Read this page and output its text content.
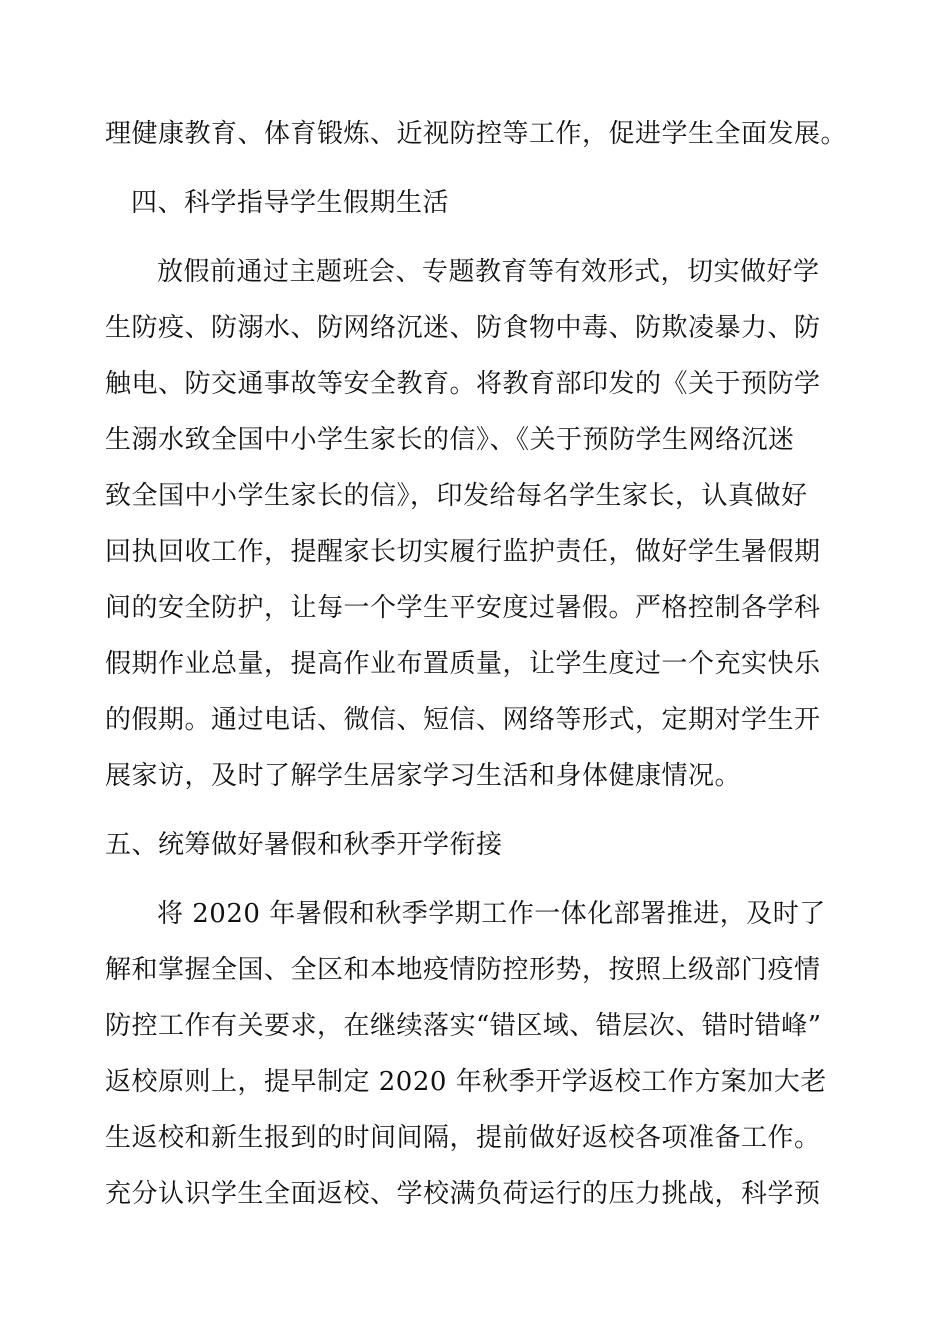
理健康教育、体育锻炼、近视防控等工作，促进学生全面发展。
四、科学指导学生假期生活
放假前通过主题班会、专题教育等有效形式，切实做好学
生防疫、防溺水、防网络沉迷、防食物中毒、防欺凌暴力、防
触电、防交通事故等安全教育。将教育部印发的《关于预防学
生溺水致全国中小学生家长的信》、《关于预防学生网络沉迷
致全国中小学生家长的信》，印发给每名学生家长，认真做好
回执回收工作，提醒家长切实履行监护责任，做好学生暑假期
间的安全防护，让每一个学生平安度过暑假。严格控制各学科
假期作业总量，提高作业布置质量，让学生度过一个充实快乐
的假期。通过电话、微信、短信、网络等形式，定期对学生开
展家访，及时了解学生居家学习生活和身体健康情况。
五、统筹做好暑假和秋季开学衔接
将 2020 年暑假和秋季学期工作一体化部署推进，及时了
解和掌握全国、全区和本地疫情防控形势，按照上级部门疫情
防控工作有关要求，在继续落实“错区域、错层次、错时错峰”
返校原则上，提早制定 2020 年秋季开学返校工作方案加大老
生返校和新生报到的时间间隔，提前做好返校各项准备工作。
充分认识学生全面返校、学校满负荷运行的压力挑战，科学预
